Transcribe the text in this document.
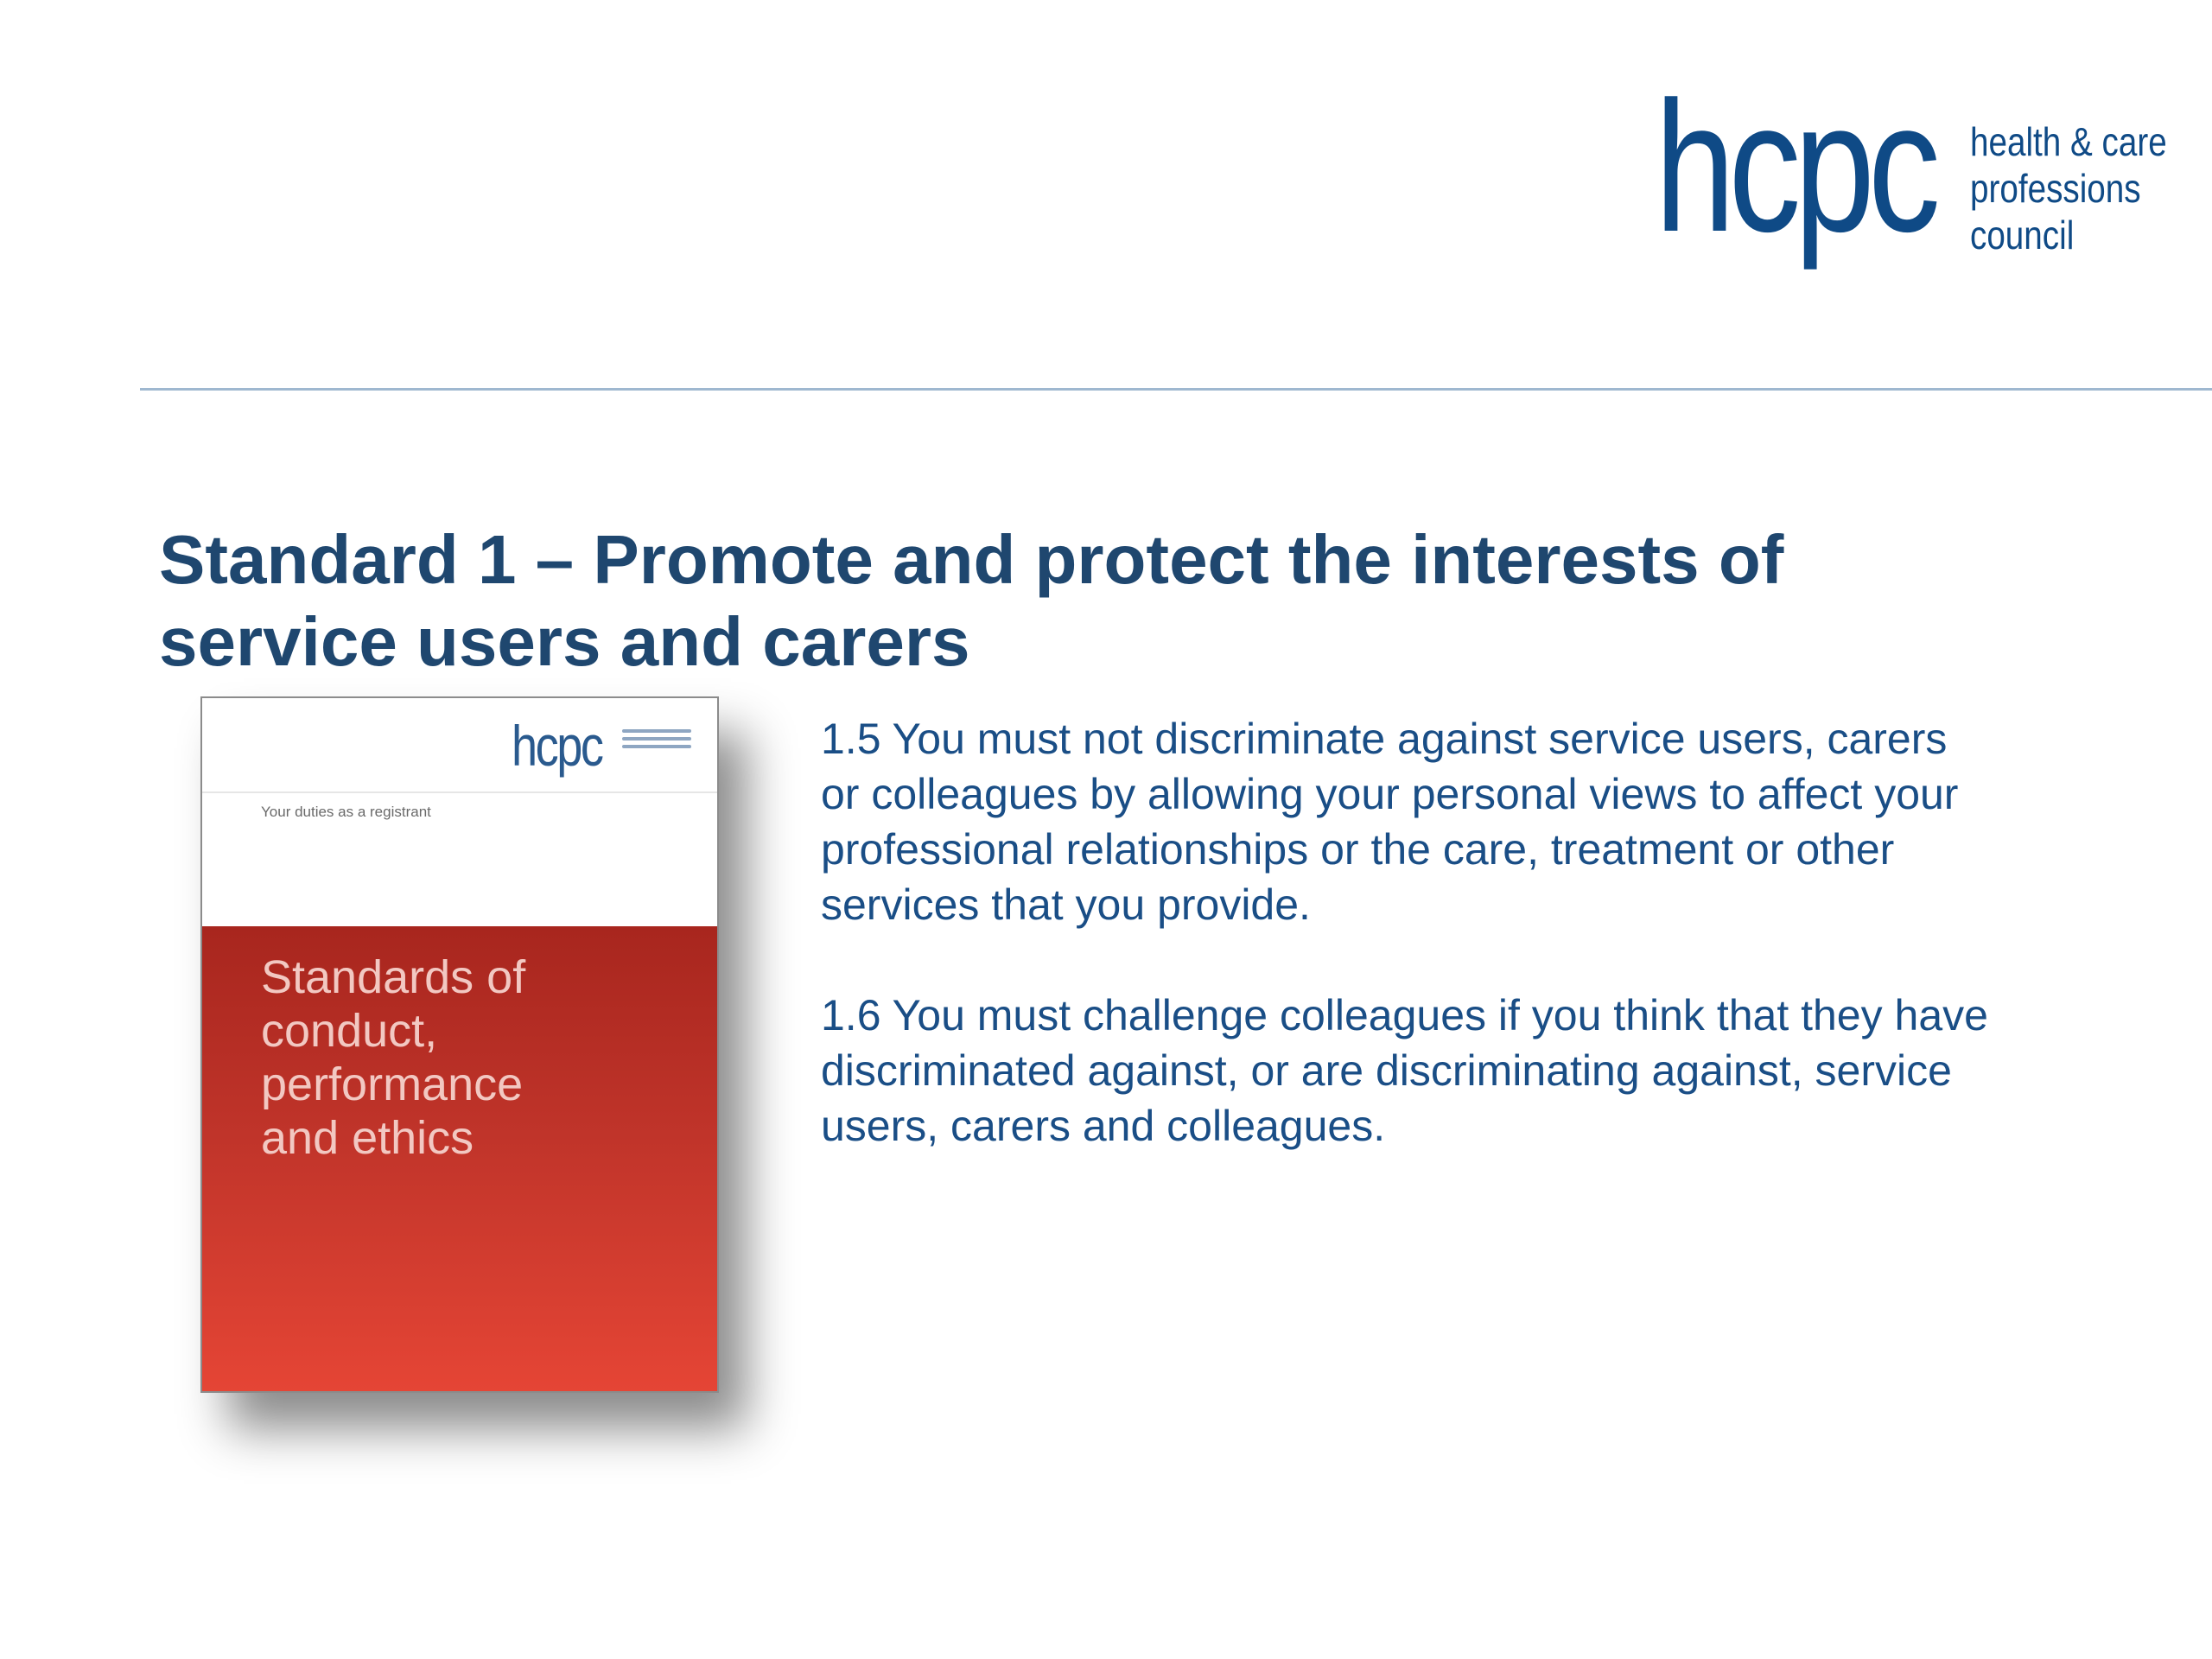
hcpc health & care
professions
council
Standard 1 – Promote and protect the interests of
service users and carers
hcpc
Your duties as a registrant
Standards of
conduct,
performance
and ethics
1.5 You must not discriminate against service users, carers
or colleagues by allowing your personal views to affect your
professional relationships or the care, treatment or other
services that you provide.
1.6 You must challenge colleagues if you think that they have
discriminated against, or are discriminating against, service
users, carers and colleagues.
